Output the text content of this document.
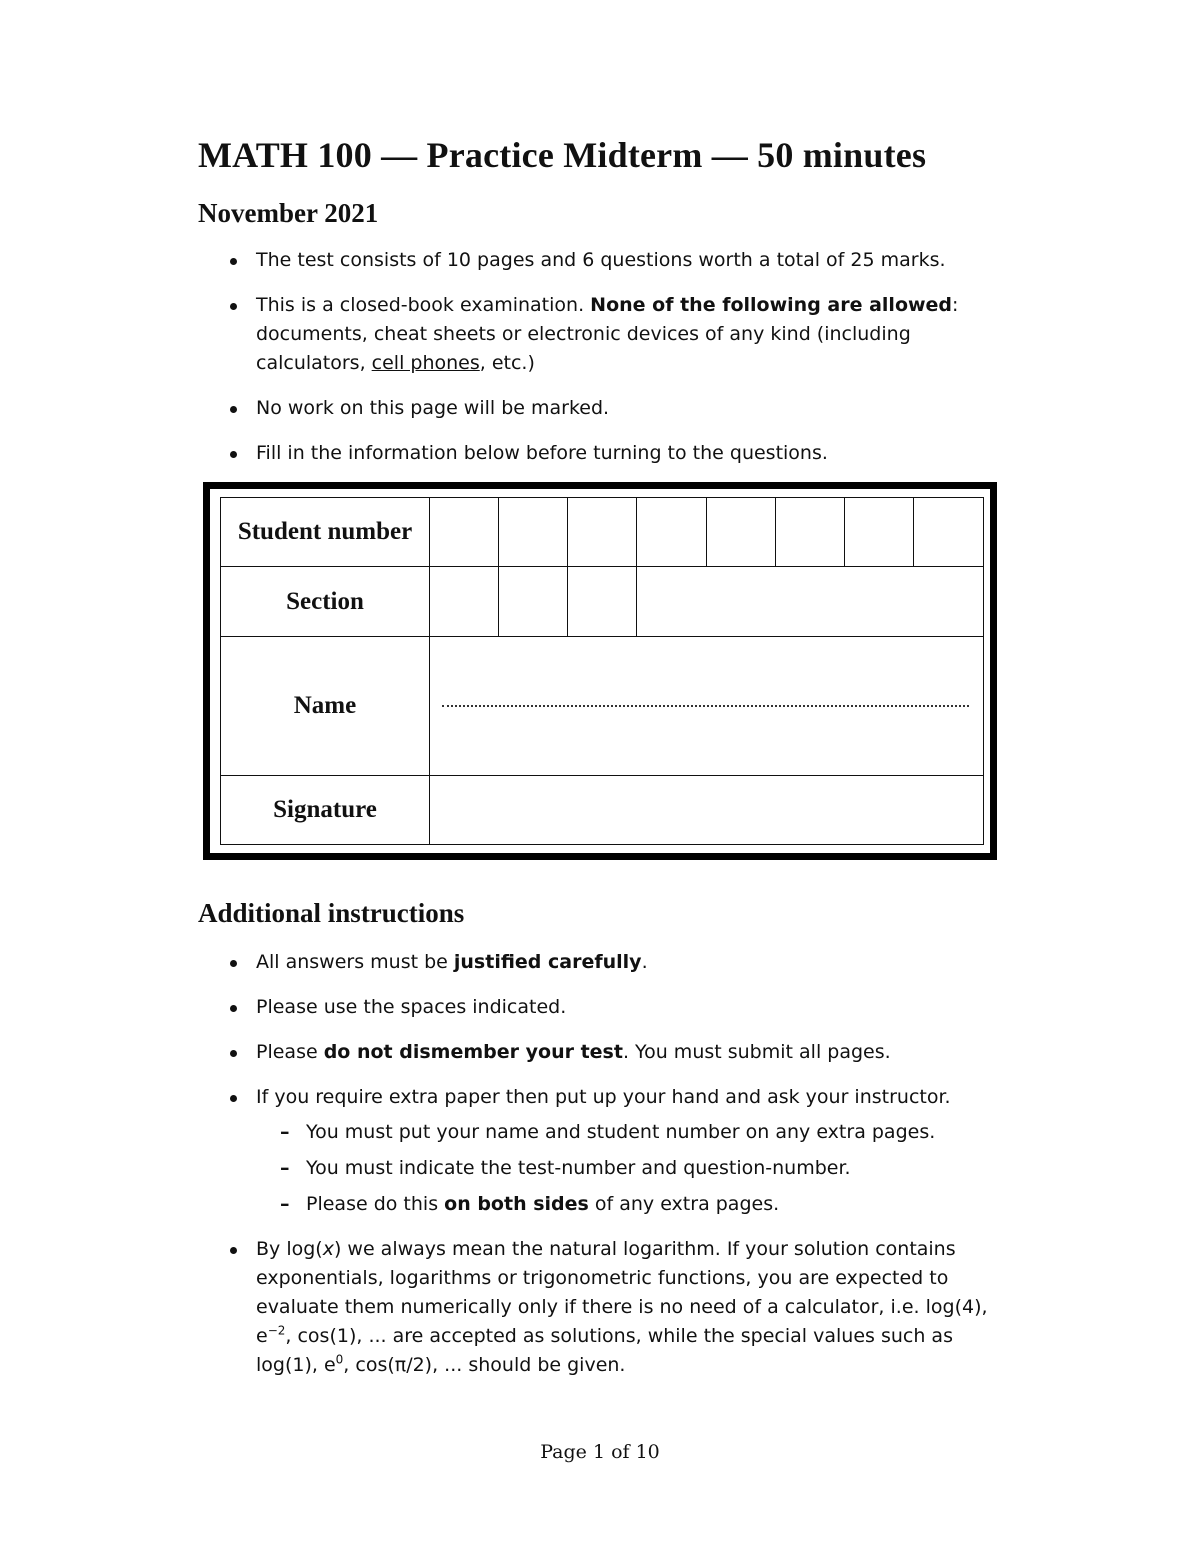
MATH 100 — Practice Midterm — 50 minutes
November 2021
The test consists of 10 pages and 6 questions worth a total of 25 marks.
This is a closed-book examination. None of the following are allowed: documents, cheat sheets or electronic devices of any kind (including calculators, cell phones, etc.)
No work on this page will be marked.
Fill in the information below before turning to the questions.
Student number								
Section								
Name								

Signature								
Additional instructions
All answers must be justified carefully.
Please use the spaces indicated.
Please do not dismember your test. You must submit all pages.
If you require extra paper then put up your hand and ask your instructor.
– You must put your name and student number on any extra pages.
– You must indicate the test-number and question-number.
– Please do this on both sides of any extra pages.
By log(x) we always mean the natural logarithm. If your solution contains exponentials, logarithms or trigonometric functions, you are expected to evaluate them numerically only if there is no need of a calculator, i.e. log(4), $e^{-2}$, cos(1), ... are accepted as solutions, while the special values such as log(1), $e^0$, cos(π/2), ... should be given.
Page 1 of 10
